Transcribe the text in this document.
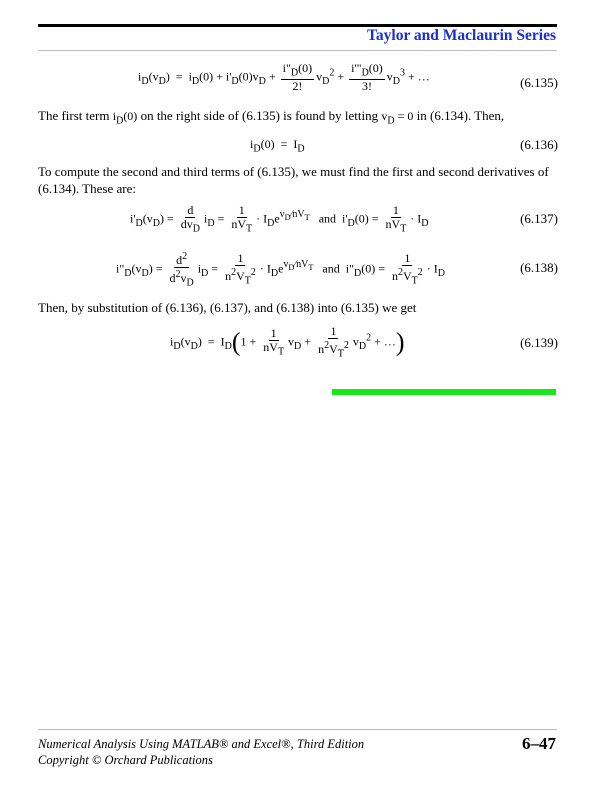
Taylor and Maclaurin Series
$i_D(v_D) = i_D(0) + i'_D(0)v_D + \frac{i"_D(0)}{2!} v_D^2 + \frac{i'"_D(0)}{3!} v_D^3$ + …	(6.135)
The first term $i_D(0)$ on the right side of (6.135) is found by letting $v_D = 0$ in (6.134). Then,
$i_D(0) = I_D$	(6.136)
To compute the second and third terms of (6.135), we must find the first and second derivatives of (6.134). These are:
$i'_D(v_D)$ =
d
$dv_D$
$i_D$ =
1
$nV_T$
· $I_De^{v_D⁄nV_T}$ and  $i'_D(0)$ =
1
$nV_T$
· $I_D$	(6.137)
$i"_D(v_D) = \frac{d^2}{d^2v_D} i_D = \frac{1}{n^2V_T^2} \cdot I_De^{v_D⁄nV_T}$ and  $i"_D(0) = \frac{1}{n^2V_T^2} \cdot I_D$	(6.138)
Then, by substitution of (6.136), (6.137), and (6.138) into (6.135) we get
$i_D(v_D) = I_D(1$ +
1
$nV_T$
$v_D + \frac{1}{n^2V_T^2} v_D^2$ + …)	(6.139)
Numerical Analysis Using MATLAB® and Excel®, Third Edition
Copyright © Orchard Publications
6–47
